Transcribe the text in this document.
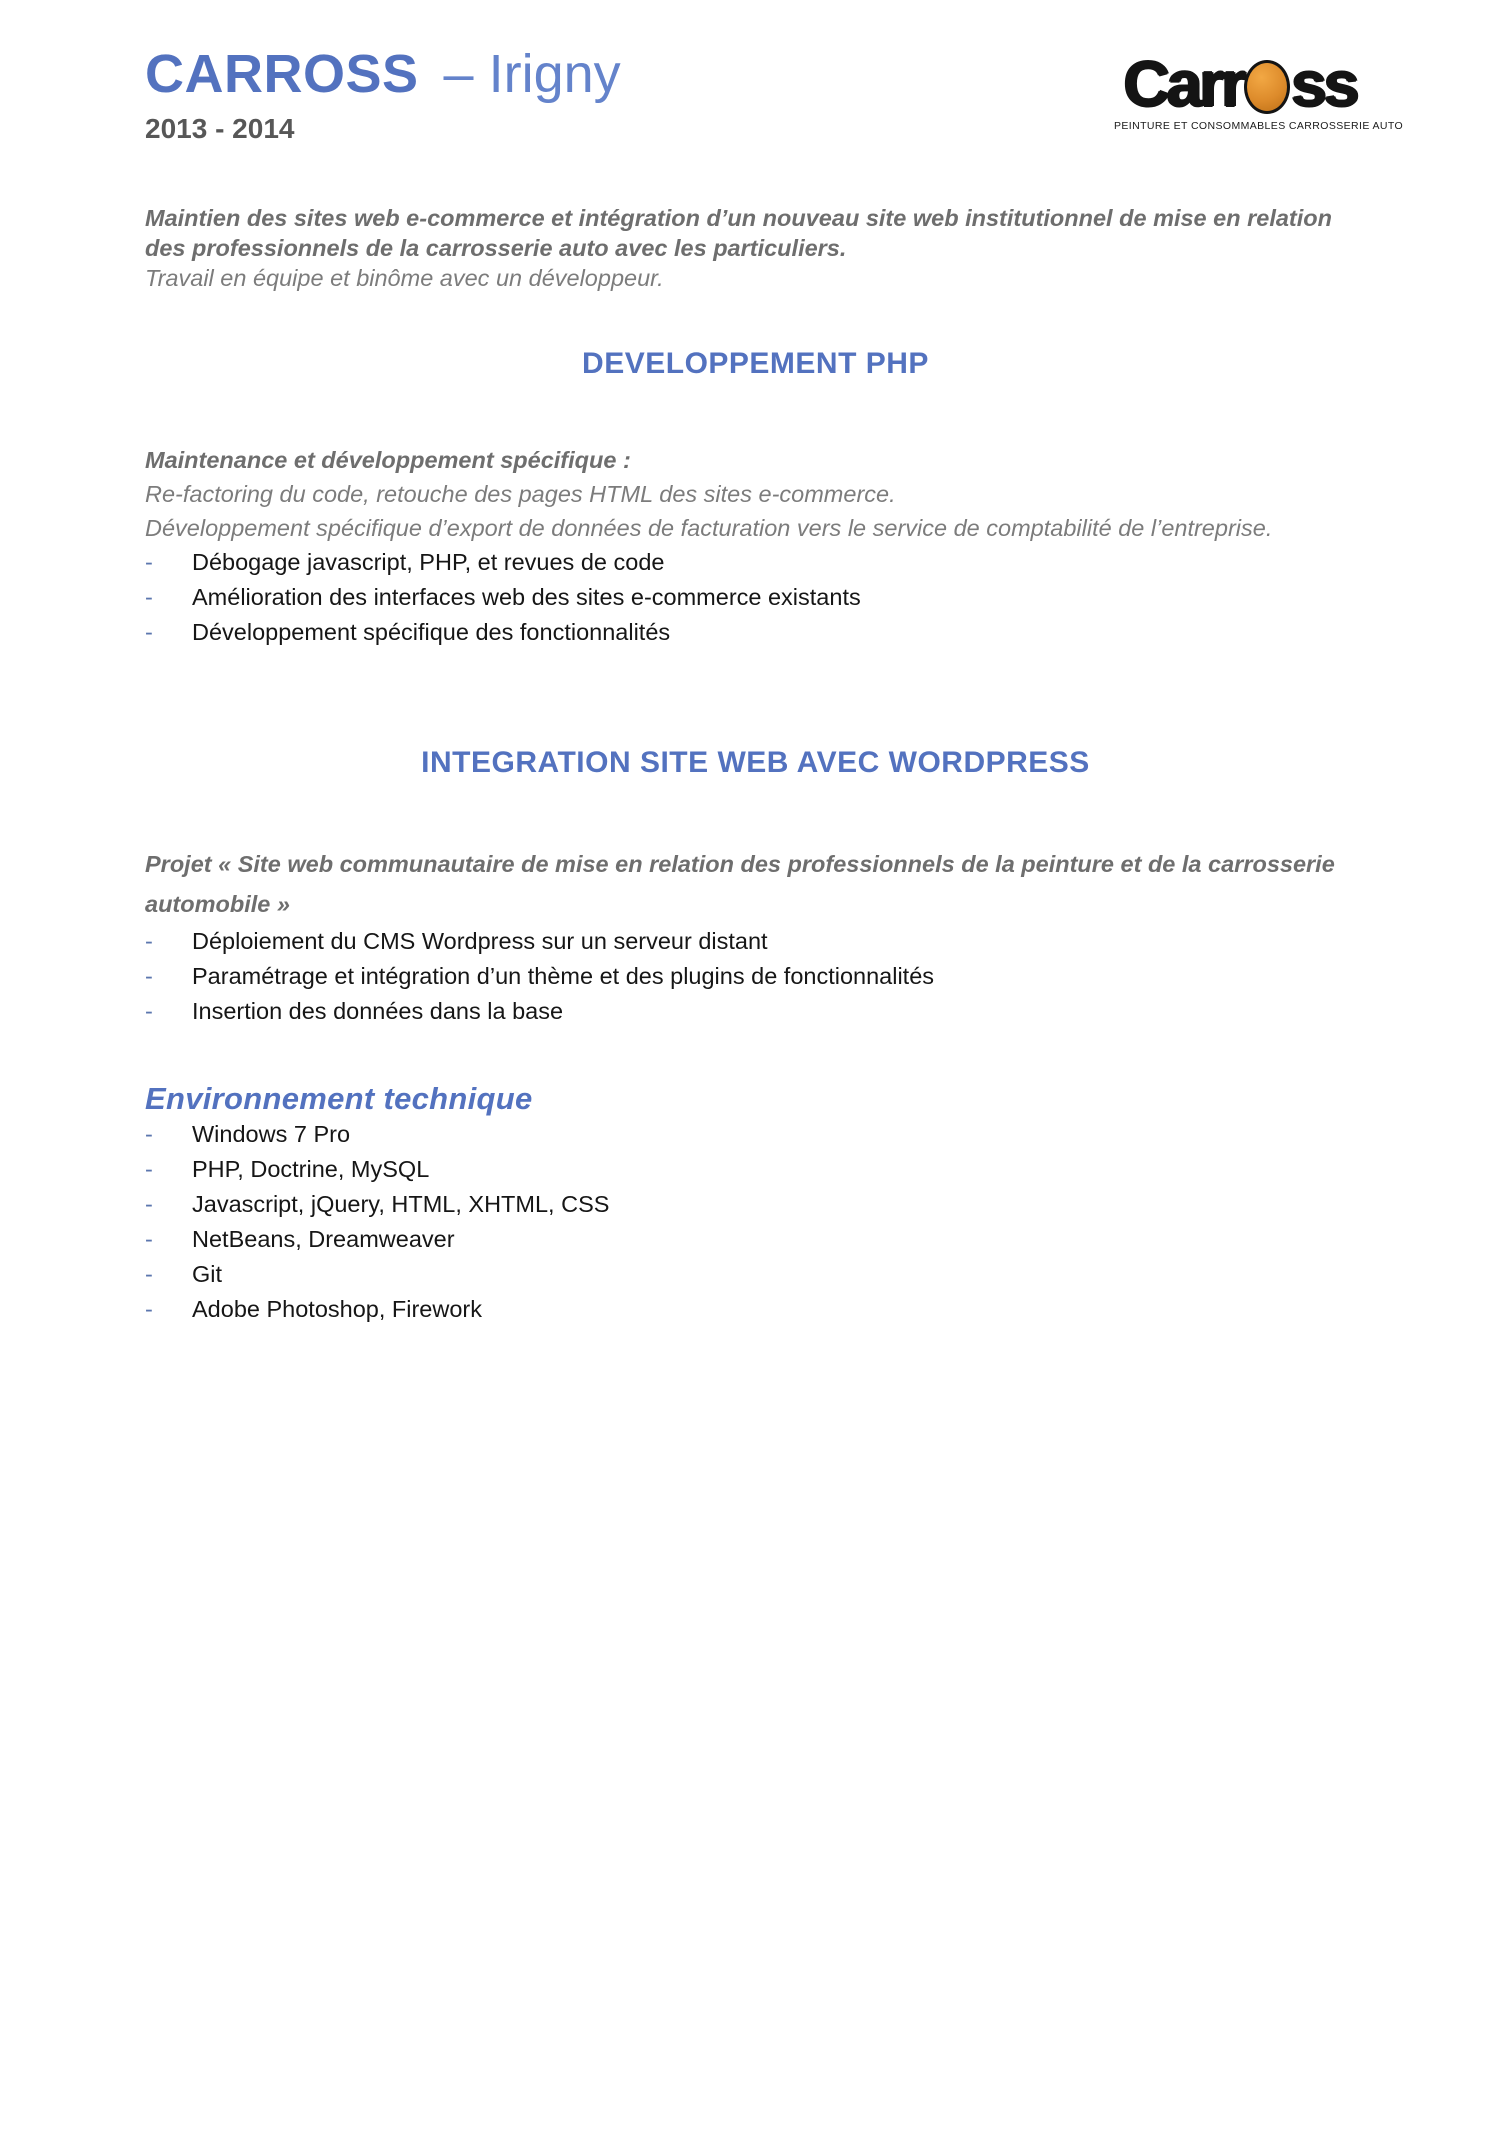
CARROSS – Irigny
2013 - 2014
Carr ss
PEINTURE ET CONSOMMABLES CARROSSERIE AUTO
Maintien des sites web e-commerce et intégration d’un nouveau site web institutionnel de mise en relation des professionnels de la carrosserie auto avec les particuliers.
Travail en équipe et binôme avec un développeur.
DEVELOPPEMENT PHP
Maintenance et développement spécifique :
Re-factoring du code, retouche des pages HTML des sites e-commerce.
Développement spécifique d’export de données de facturation vers le service de comptabilité de l’entreprise.
-	Débogage javascript, PHP, et revues de code
-	Amélioration des interfaces web des sites e-commerce existants
-	Développement spécifique des fonctionnalités
INTEGRATION SITE WEB AVEC WORDPRESS
Projet « Site web communautaire de mise en relation des professionnels de la peinture et de la carrosserie automobile »
-	Déploiement du CMS Wordpress sur un serveur distant
-	Paramétrage et intégration d’un thème et des plugins de fonctionnalités
-	Insertion des données dans la base
Environnement technique
-	Windows 7 Pro
-	PHP, Doctrine, MySQL
-	Javascript, jQuery, HTML, XHTML, CSS
-	NetBeans, Dreamweaver
-	Git
-	Adobe Photoshop, Firework
